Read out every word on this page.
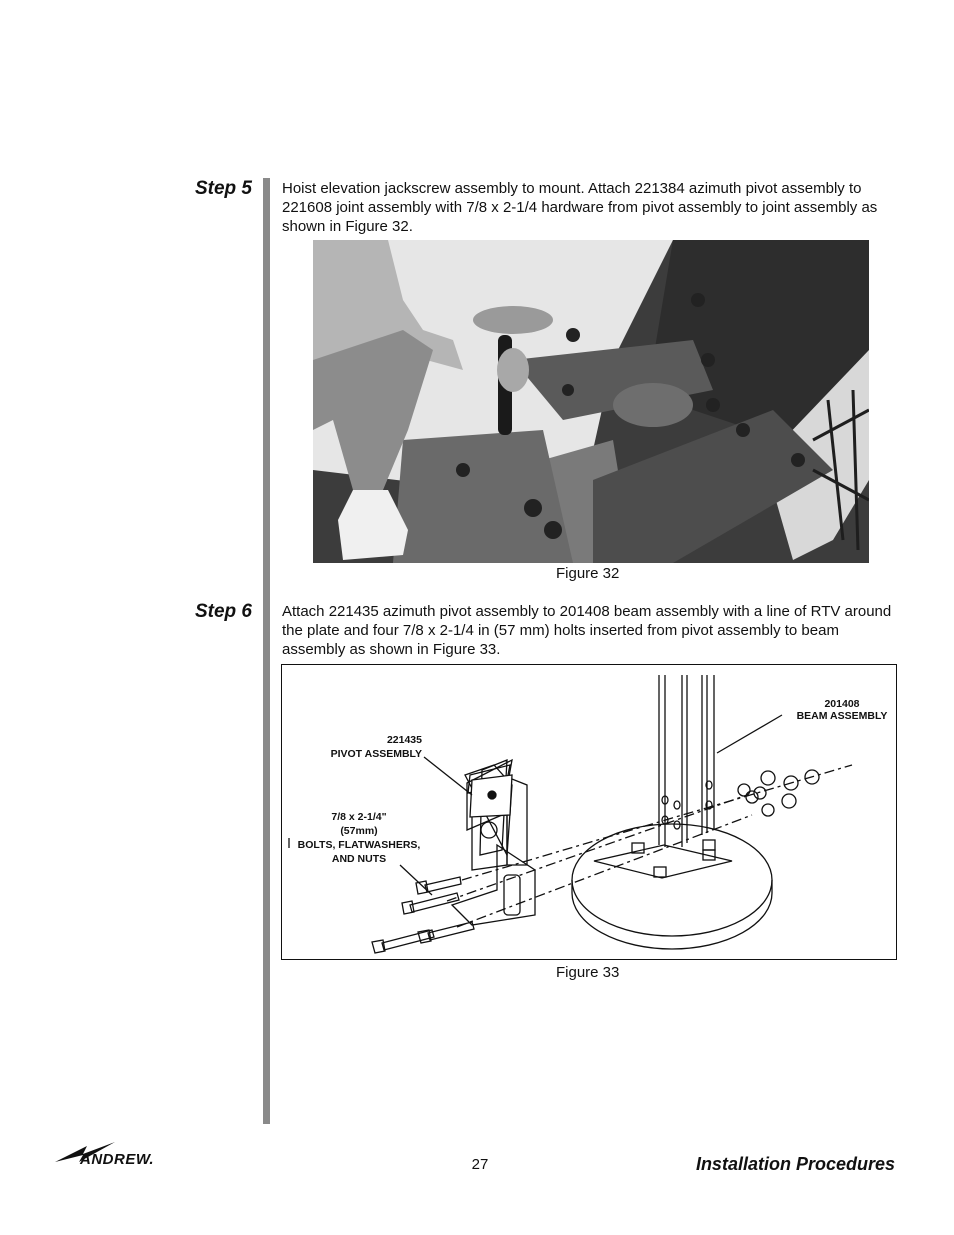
Step 5 Hoist elevation jackscrew assembly to mount. Attach 221384 azimuth pivot assembly to 221608 joint assembly with 7/8 x 2-1/4 hardware from pivot assembly to joint assembly as shown in Figure 32.

Figure 32
Step 6 Attach 221435 azimuth pivot assembly to 201408 beam assembly with a line of RTV around the plate and four 7/8 x 2-1/4 in (57 mm) holts inserted from pivot assembly to beam assembly as shown in Figure 33.

221435
PIVOT ASSEMBLY
7/8 x 2-1/4"
(57mm)
BOLTS, FLATWASHERS,
AND NUTS
201408
BEAM ASSEMBLY
Figure 33
ANDREW.	27	Installation Procedures
